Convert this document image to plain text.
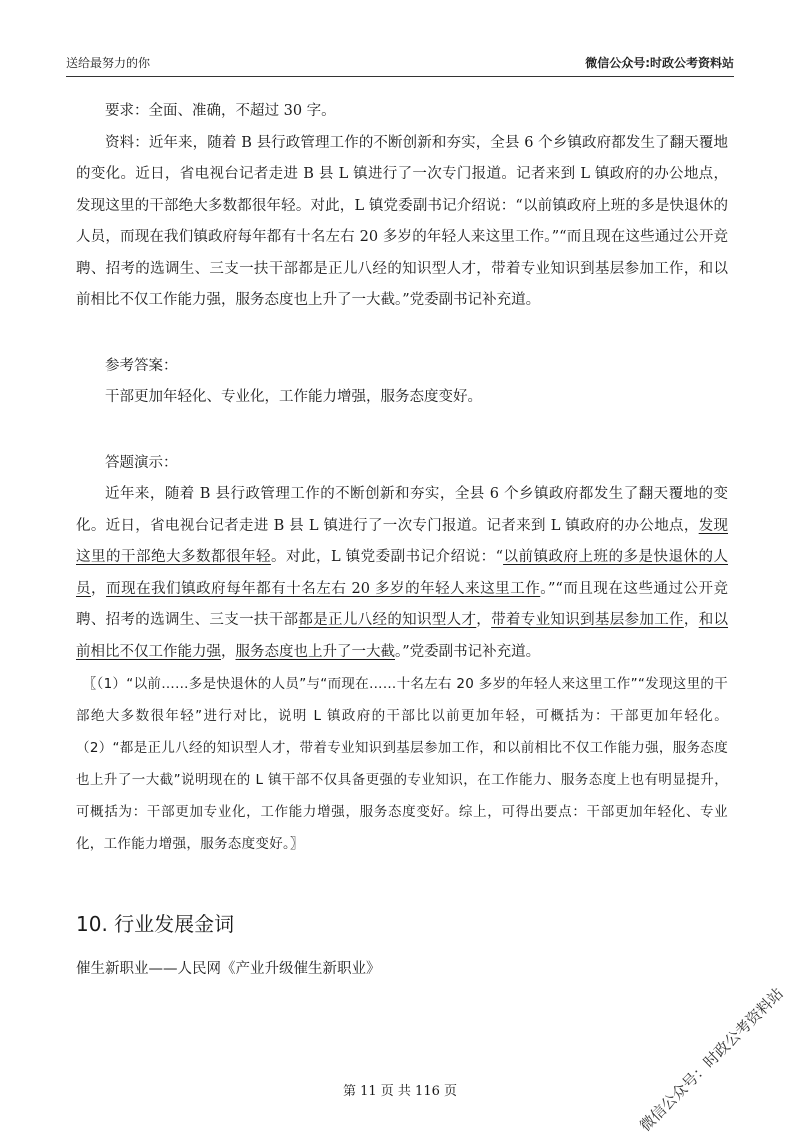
送给最努力的你	微信公众号:时政公考资料站

要求：全面、准确，不超过 30 字。

资料：近年来，随着 B 县行政管理工作的不断创新和夯实，全县 6 个乡镇政府都发生了翻天覆地的变化。近日，省电视台记者走进 B 县 L 镇进行了一次专门报道。记者来到 L 镇政府的办公地点，发现这里的干部绝大多数都很年轻。对此，L 镇党委副书记介绍说：“以前镇政府上班的多是快退休的人员，而现在我们镇政府每年都有十名左右 20 多岁的年轻人来这里工作。”“而且现在这些通过公开竞聘、招考的选调生、三支一扶干部都是正儿八经的知识型人才，带着专业知识到基层参加工作，和以前相比不仅工作能力强，服务态度也上升了一大截。”党委副书记补充道。

参考答案：

干部更加年轻化、专业化，工作能力增强，服务态度变好。

答题演示：

近年来，随着 B 县行政管理工作的不断创新和夯实，全县 6 个乡镇政府都发生了翻天覆地的变化。近日，省电视台记者走进 B 县 L 镇进行了一次专门报道。记者来到 L 镇政府的办公地点，发现这里的干部绝大多数都很年轻。对此，L 镇党委副书记介绍说：“以前镇政府上班的多是快退休的人员，而现在我们镇政府每年都有十名左右 20 多岁的年轻人来这里工作。”“而且现在这些通过公开竞聘、招考的选调生、三支一扶干部都是正儿八经的知识型人才，带着专业知识到基层参加工作，和以前相比不仅工作能力强，服务态度也上升了一大截。”党委副书记补充道。

〖（1）“以前……多是快退休的人员”与“而现在……十名左右 20 多岁的年轻人来这里工作”“发现这里的干部绝大多数很年轻”进行对比，说明 L 镇政府的干部比以前更加年轻，可概括为：干部更加年轻化。（2）“都是正儿八经的知识型人才，带着专业知识到基层参加工作，和以前相比不仅工作能力强，服务态度也上升了一大截”说明现在的 L 镇干部不仅具备更强的专业知识，在工作能力、服务态度上也有明显提升，可概括为：干部更加专业化，工作能力增强，服务态度变好。综上，可得出要点：干部更加年轻化、专业化，工作能力增强，服务态度变好。〗

10. 行业发展金词

催生新职业——人民网《产业升级催生新职业》

第 11 页 共 116 页	微信公众号：时政公考资料站
